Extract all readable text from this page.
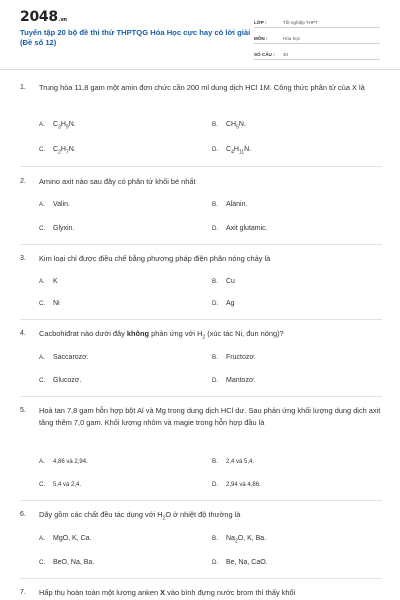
2048.vn
Tuyển tập 20 bộ đề thi thử THPTQG Hóa Học cực hay có lời giải (Đề số 12)
LỚP :	Tốt nghiệp THPT
MÔN :	Hóa học
SỐ CÂU :	40
1. Trung hòa 11,8 gam một amin đơn chức cần 200 ml dung dịch HCl 1M. Công thức phân tử của X là
A. $C_3H_9N$.	B. $CH_5N$.
C. $C_2H_7N$.	D. $C_4H_{11}N$.
2. Amino axit nào sau đây có phân tử khối bé nhất
A. Valin.	B. Alanin.
C. Glyxin.	D. Axit glutamic.
3. Kim loại chỉ được điều chế bằng phương pháp điện phân nóng chảy là
A. K	B. Cu
C. Ni	D. Ag
4. Cacbohiđrat nào dưới đây không phản ứng với $H_2$ (xúc tác Ni, đun nóng)?
A. Saccarozơ.	B. Fructozơ.
C. Glucozơ.	D. Mantozơ.
5. Hoà tan 7,8 gam hỗn hợp bột Al và Mg trong dung dịch HCl dư. Sau phản ứng khối lượng dung dịch axit tăng thêm 7,0 gam. Khối lượng nhôm và magie trong hỗn hợp đầu là
A. 4,86 và 2,94.	B. 2,4 và 5,4.
C. 5,4 và 2,4.	D. 2,94 và 4,86.
6. Dãy gồm các chất đều tác dụng với $H_2O$ ở nhiệt độ thường là
A. MgO, K, Ca.	B. $Na_2O$, K, Ba.
C. BeO, Na, Ba.	D. Be, Na, CaO.
7. Hấp thụ hoàn toàn một lượng anken X vào bình đựng nước brom thì thấy khối
